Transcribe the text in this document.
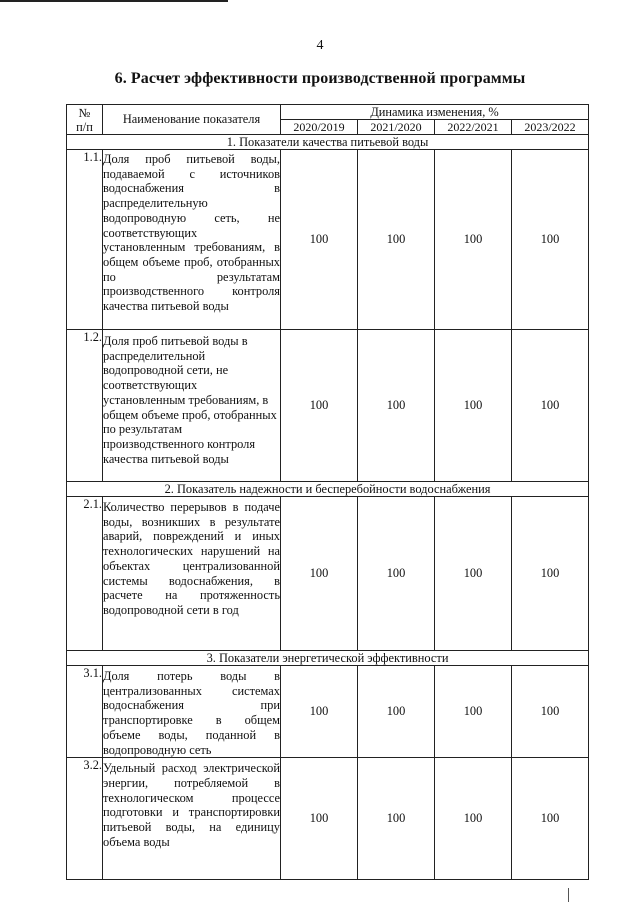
4
6. Расчет эффективности производственной программы
№
п/п	Наименование показателя	Динамика изменения, %			
		2020/2019	2021/2020	2022/2021	2023/2022
1. Показатели качества питьевой воды					
1.1.	Доля проб питьевой воды, подаваемой с источников водоснабжения в распределительную водопроводную сеть, не соответствующих установленным требованиям, в общем объеме проб, отобранных по результатам производственного контроля качества питьевой воды	100	100	100	100
1.2.	Доля проб питьевой воды в распределительной водопроводной сети, не соответствующих установленным требованиям, в общем объеме проб, отобранных по результатам производственного контроля качества питьевой воды	100	100	100	100
2. Показатель надежности и бесперебойности водоснабжения					
2.1.	Количество перерывов в подаче воды, возникших в результате аварий, повреждений и иных технологических нарушений на объектах централизованной системы водоснабжения, в расчете на протяженность водопроводной сети в год	100	100	100	100
3. Показатели энергетической эффективности					
3.1.	Доля потерь воды в централизованных системах водоснабжения при транспортировке в общем объеме воды, поданной в водопроводную сеть	100	100	100	100
3.2.	Удельный расход электрической энергии, потребляемой в технологическом процессе подготовки и транспортировки питьевой воды, на единицу объема воды	100	100	100	100
